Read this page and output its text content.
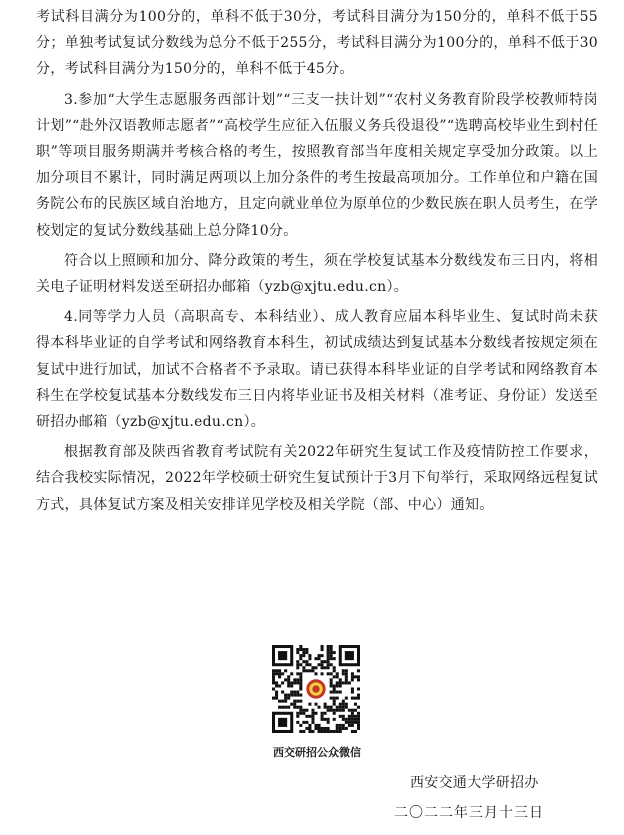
考试科目满分为100分的，单科不低于30分，考试科目满分为150分的，单科不低于55分；单独考试复试分数线为总分不低于255分，考试科目满分为100分的，单科不低于30分，考试科目满分为150分的，单科不低于45分。

3.参加“大学生志愿服务西部计划”“三支一扶计划”“农村义务教育阶段学校教师特岗计划”“赴外汉语教师志愿者”“高校学生应征入伍服义务兵役退役”“选聘高校毕业生到村任职”等项目服务期满并考核合格的考生，按照教育部当年度相关规定享受加分政策。以上加分项目不累计，同时满足两项以上加分条件的考生按最高项加分。工作单位和户籍在国务院公布的民族区域自治地方，且定向就业单位为原单位的少数民族在职人员考生，在学校划定的复试分数线基础上总分降10分。

符合以上照顾和加分、降分政策的考生，须在学校复试基本分数线发布三日内，将相关电子证明材料发送至研招办邮箱（yzb@xjtu.edu.cn）。

4.同等学力人员（高职高专、本科结业）、成人教育应届本科毕业生、复试时尚未获得本科毕业证的自学考试和网络教育本科生，初试成绩达到复试基本分数线者按规定须在复试中进行加试，加试不合格者不予录取。请已获得本科毕业证的自学考试和网络教育本科生在学校复试基本分数线发布三日内将毕业证书及相关材料（准考证、身份证）发送至研招办邮箱（yzb@xjtu.edu.cn）。

根据教育部及陕西省教育考试院有关2022年研究生复试工作及疫情防控工作要求，结合我校实际情况，2022年学校硕士研究生复试预计于3月下旬举行，采取网络远程复试方式，具体复试方案及相关安排详见学校及相关学院（部、中心）通知。

西交研招公众微信
西安交通大学研招办
二〇二二年三月十三日
